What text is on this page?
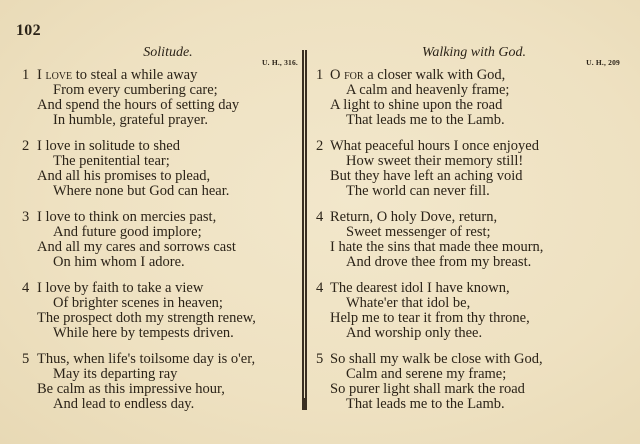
102
Solitude.
U. H., 316.
1 I love to steal a while away
From every cumbering care;
And spend the hours of setting day
In humble, grateful prayer.
2 I love in solitude to shed
The penitential tear;
And all his promises to plead,
Where none but God can hear.
3 I love to think on mercies past,
And future good implore;
And all my cares and sorrows cast
On him whom I adore.
4 I love by faith to take a view
Of brighter scenes in heaven;
The prospect doth my strength renew,
While here by tempests driven.
5 Thus, when life's toilsome day is o'er,
May its departing ray
Be calm as this impressive hour,
And lead to endless day.
Walking with God.
U. H., 209
1 O for a closer walk with God,
A calm and heavenly frame;
A light to shine upon the road
That leads me to the Lamb.
2 What peaceful hours I once enjoyed
How sweet their memory still!
But they have left an aching void
The world can never fill.
4 Return, O holy Dove, return,
Sweet messenger of rest;
I hate the sins that made thee mourn,
And drove thee from my breast.
4 The dearest idol I have known,
Whate'er that idol be,
Help me to tear it from thy throne,
And worship only thee.
5 So shall my walk be close with God,
Calm and serene my frame;
So purer light shall mark the road
That leads me to the Lamb.
